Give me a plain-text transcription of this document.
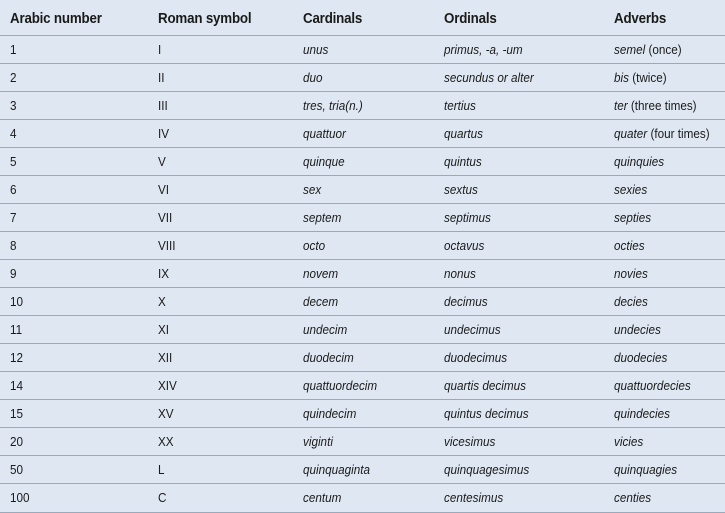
Arabic number	Roman symbol	Cardinals	Ordinals	Adverbs
1	I	unus	primus, -a, -um	semel (once)
2	II	duo	secundus or alter	bis (twice)
3	III	tres, tria(n.)	tertius	ter (three times)
4	IV	quattuor	quartus	quater (four times)
5	V	quinque	quintus	quinquies
6	VI	sex	sextus	sexies
7	VII	septem	septimus	septies
8	VIII	octo	octavus	octies
9	IX	novem	nonus	novies
10	X	decem	decimus	decies
11	XI	undecim	undecimus	undecies
12	XII	duodecim	duodecimus	duodecies
14	XIV	quattuordecim	quartis decimus	quattuordecies
15	XV	quindecim	quintus decimus	quindecies
20	XX	viginti	vicesimus	vicies
50	L	quinquaginta	quinquagesimus	quinquagies
100	C	centum	centesimus	centies
